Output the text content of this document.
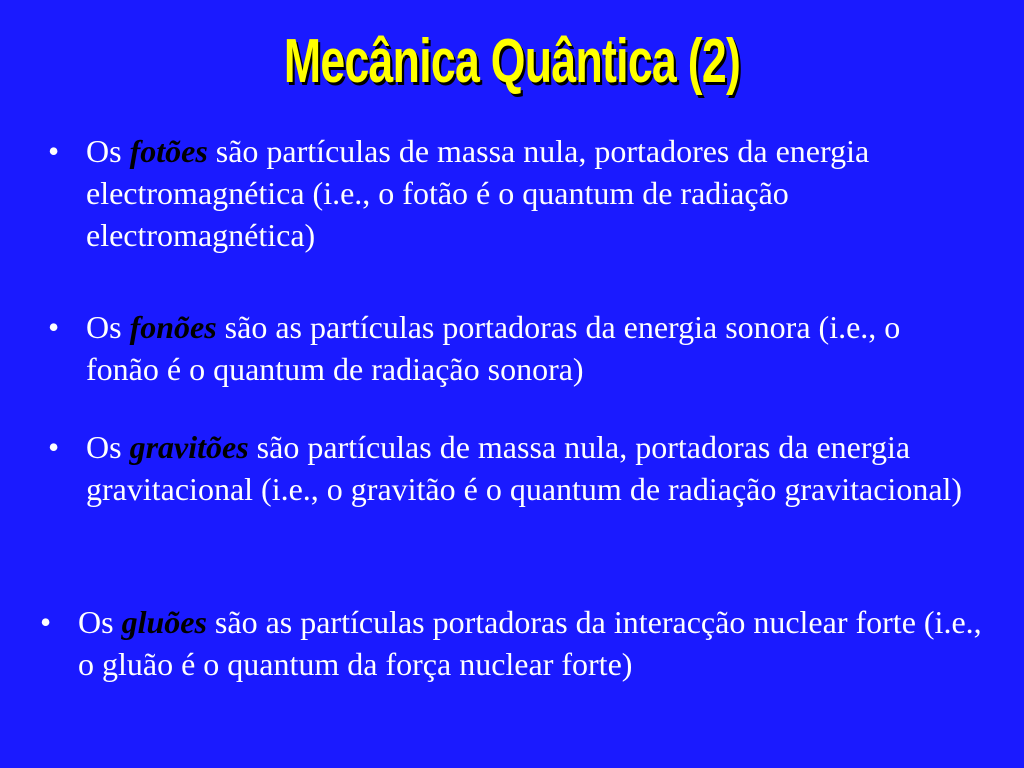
Mecânica Quântica (2)
• Os fotões são partículas de massa nula, portadores da energia electromagnética (i.e., o fotão é o quantum de radiação electromagnética)
• Os fonões são as partículas portadoras da energia sonora (i.e., o fonão é o quantum de radiação sonora)
• Os gravitões são partículas de massa nula, portadoras da energia gravitacional (i.e., o gravitão é o quantum de radiação gravitacional)
• Os gluões são as partículas portadoras da interacção nuclear forte (i.e., o gluão é o quantum da força nuclear forte)
